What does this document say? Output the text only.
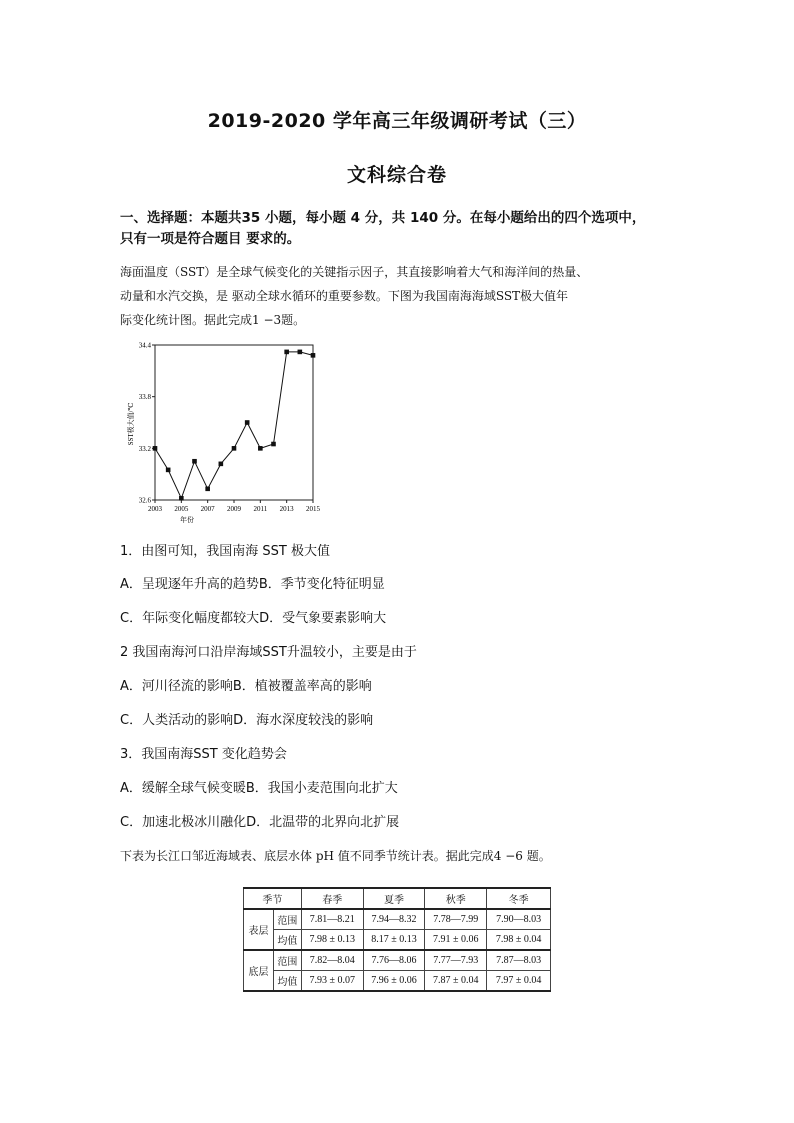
2019-2020 学年高三年级调研考试（三）
文科综合卷
一、选择题：本题共35 小题，每小题 4 分，共 140 分。在每小题给出的四个选项中，
只有一项是符合题目 要求的。
海面温度（SST）是全球气候变化的关键指示因子，其直接影响着大气和海洋间的热量、
动量和水汽交换，是 驱动全球水循环的重要参数。下图为我国南海海域SST极大值年
际变化统计图。据此完成1 −3题。
32.6
33.2
33.8
34.4
2003 2005 2007 2009 2011 2013 2015
SST极大值/℃
年份
1．由图可知，我国南海 SST 极大值
A．呈现逐年升高的趋势B．季节变化特征明显
C．年际变化幅度都较大D．受气象要素影响大
2 我国南海河口沿岸海域SST升温较小，主要是由于
A．河川径流的影响B．植被覆盖率高的影响
C．人类活动的影响D．海水深度较浅的影响
3．我国南海SST 变化趋势会
A．缓解全球气候变暖B．我国小麦范围向北扩大
C．加速北极冰川融化D．北温带的北界向北扩展
下表为长江口邹近海域表、底层水体 pH 值不同季节统计表。据此完成4 −6 题。
季节		春季	夏季	秋季	冬季
表层	范围	7.81—8.21	7.94—8.32	7.78—7.99	7.90—8.03
	均值	7.98 ± 0.13	8.17 ± 0.13	7.91 ± 0.06	7.98 ± 0.04
底层	范围	7.82—8.04	7.76—8.06	7.77—7.93	7.87—8.03
	均值	7.93 ± 0.07	7.96 ± 0.06	7.87 ± 0.04	7.97 ± 0.04
